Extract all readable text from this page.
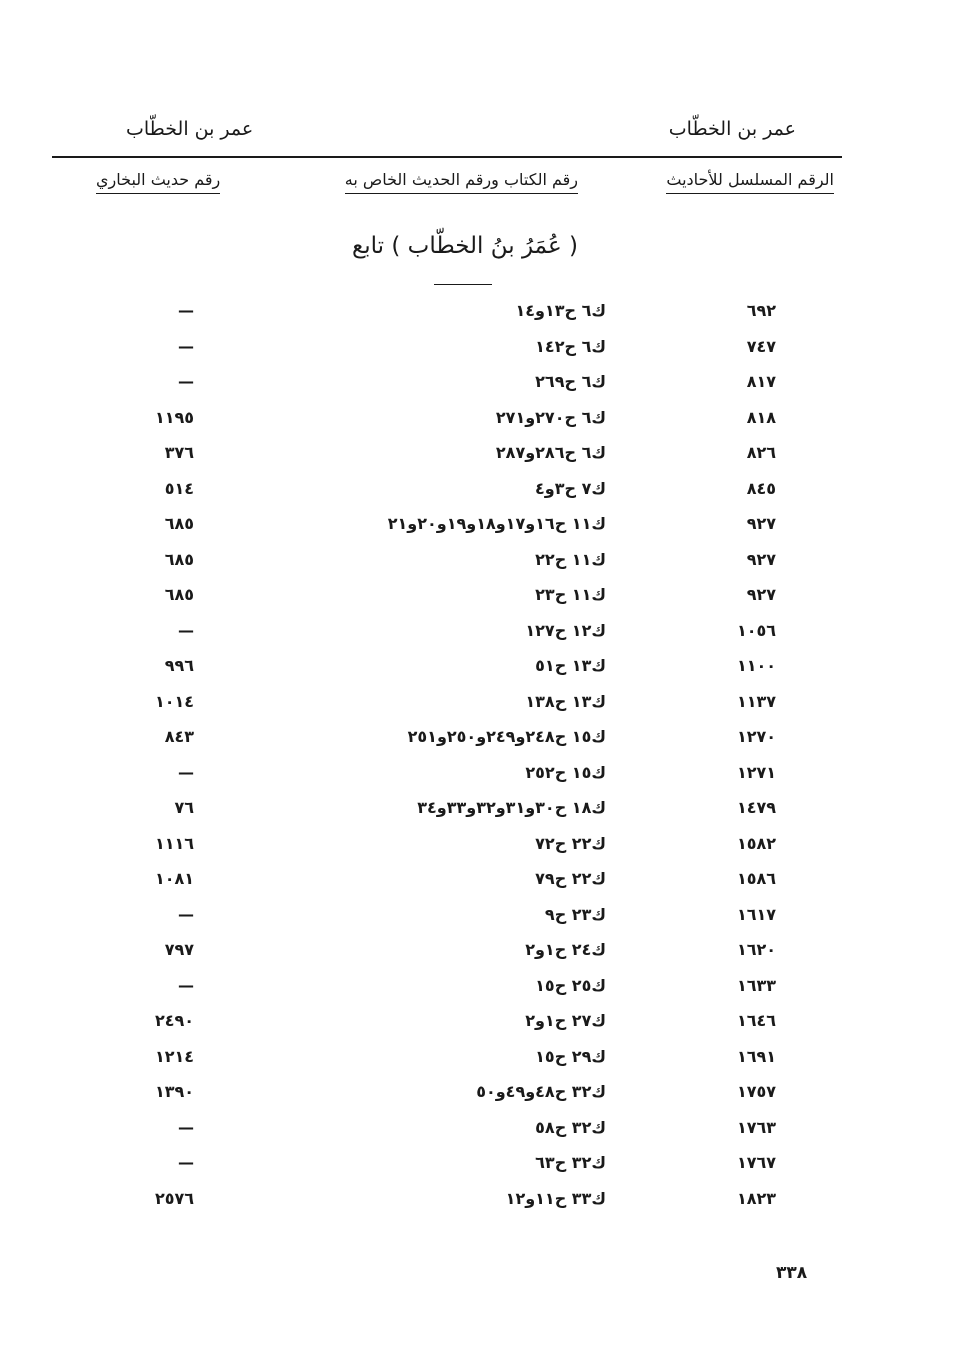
عمر بن الخطّاب
عمر بن الخطّاب
الرقم المسلسل للأحاديث
رقم الكتاب ورقم الحديث الخاص به
رقم حديث البخاري
( عُمَرُ بنُ الخطّاب ) تابع
٦٩٢
ك٦ ح١٣و١٤
—
٧٤٧
ك٦ ح١٤٢
—
٨١٧
ك٦ ح٢٦٩
—
٨١٨
ك٦ ح٢٧٠و٢٧١
١١٩٥
٨٢٦
ك٦ ح٢٨٦و٢٨٧
٣٧٦
٨٤٥
ك٧ ح٣و٤
٥١٤
٩٢٧
ك١١ ح١٦و١٧و١٨و١٩و٢٠و٢١
٦٨٥
٩٢٧
ك١١ ح٢٢
٦٨٥
٩٢٧
ك١١ ح٢٣
٦٨٥
١٠٥٦
ك١٢ ح١٢٧
—
١١٠٠
ك١٣ ح٥١
٩٩٦
١١٣٧
ك١٣ ح١٣٨
١٠١٤
١٢٧٠
ك١٥ ح٢٤٨و٢٤٩و٢٥٠و٢٥١
٨٤٣
١٢٧١
ك١٥ ح٢٥٢
—
١٤٧٩
ك١٨ ح٣٠و٣١و٣٢و٣٣و٣٤
٧٦
١٥٨٢
ك٢٢ ح٧٢
١١١٦
١٥٨٦
ك٢٢ ح٧٩
١٠٨١
١٦١٧
ك٢٣ ح٩
—
١٦٢٠
ك٢٤ ح١و٢
٧٩٧
١٦٣٣
ك٢٥ ح١٥
—
١٦٤٦
ك٢٧ ح١و٢
٢٤٩٠
١٦٩١
ك٢٩ ح١٥
١٢١٤
١٧٥٧
ك٣٢ ح٤٨و٤٩و٥٠
١٣٩٠
١٧٦٣
ك٣٢ ح٥٨
—
١٧٦٧
ك٣٢ ح٦٣
—
١٨٢٣
ك٣٣ ح١١و١٢
٢٥٧٦
٣٣٨
